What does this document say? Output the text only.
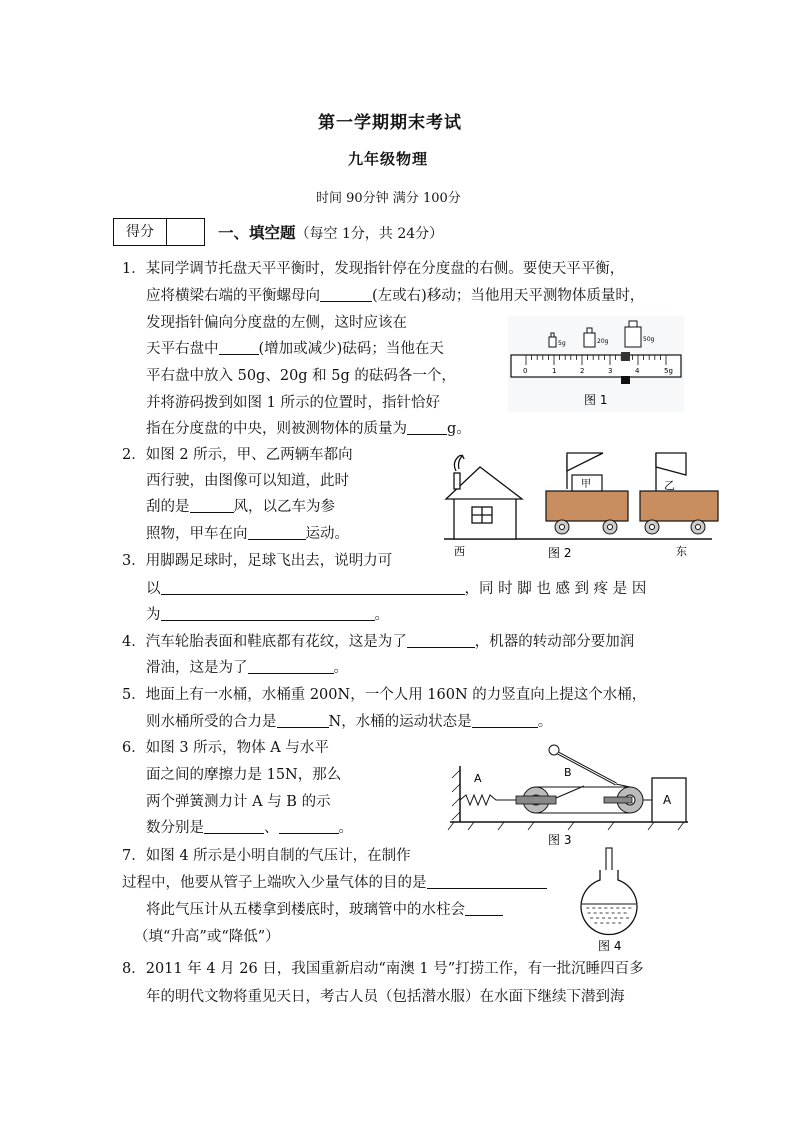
第一学期期末考试
九年级物理
时间 90分钟 满分 100分
得分	一、填空题（每空 1分，共 24分）
1．某同学调节托盘天平平衡时，发现指针停在分度盘的右侧。要使天平平衡，
应将横梁右端的平衡螺母向	(左或右)移动；当他用天平测物体质量时，
发现指针偏向分度盘的左侧，这时应该在
天平右盘中	(增加或减少)砝码；当他在天
平右盘中放入 50g、20g 和 5g 的砝码各一个，
并将游码拨到如图 1 所示的位置时，指针恰好
指在分度盘的中央，则被测物体的质量为	g。
5g	20g	50g
0	1	2	3	4	5g
图 1
2．如图 2 所示，甲、乙两辆车都向
西行驶，由图像可以知道，此时
刮的是	风，以乙车为参
照物，甲车在向	运动。
甲	乙
西	图 2	东
3．用脚踢足球时，足球飞出去，说明力可
以	，同 时 脚 也 感 到 疼 是 因
为	。
4．汽车轮胎表面和鞋底都有花纹，这是为了	，机器的转动部分要加润
滑油，这是为了	。
5．地面上有一水桶，水桶重 200N，一个人用 160N 的力竖直向上提这个水桶，
则水桶所受的合力是	N，水桶的运动状态是	。
6．如图 3 所示，物体 A 与水平
面之间的摩擦力是 15N，那么
两个弹簧测力计 A 与 B 的示
数分别是	、	。
A
A
B
图 3
7．如图 4 所示是小明自制的气压计，在制作
过程中，他要从管子上端吹入少量气体的目的是
将此气压计从五楼拿到楼底时，玻璃管中的水柱会
（填“升高”或“降低”）
图 4
8．2011 年 4 月 26 日，我国重新启动“南澳 1 号”打捞工作，有一批沉睡四百多
年的明代文物将重见天日，考古人员（包括潜水服）在水面下继续下潜到海
